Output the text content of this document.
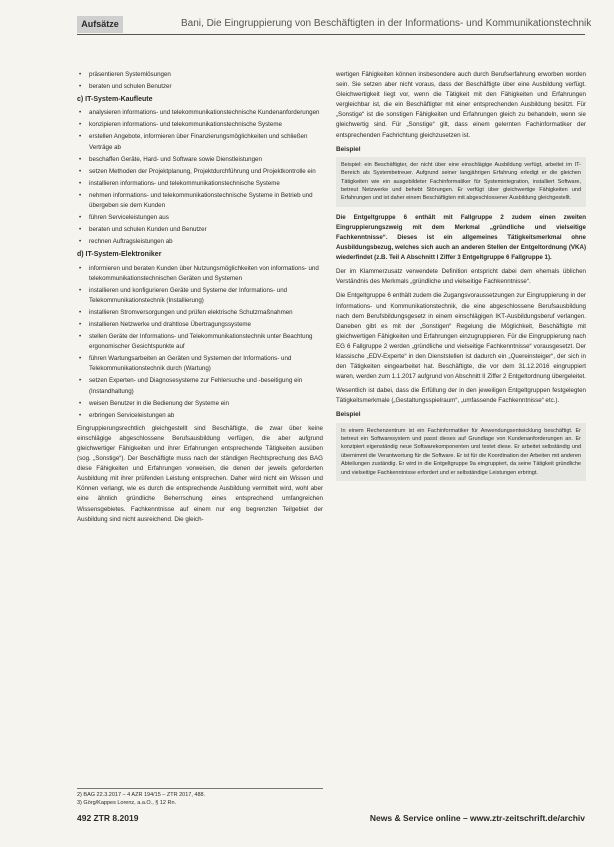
Aufsätze	Bani, Die Eingruppierung von Beschäftigten in der Informations- und Kommunikationstechnik
• präsentieren Systemlösungen
• beraten und schulen Benutzer
c) IT-System-Kaufleute
• analysieren informations- und telekommunikationstechnische Kundenanforderungen
• konzipieren informations- und telekommunikationstechnische Systeme
• erstellen Angebote, informieren über Finanzierungsmöglichkeiten und schließen Verträge ab
• beschaffen Geräte, Hard- und Software sowie Dienstleistungen
• setzen Methoden der Projektplanung, Projektdurchführung und Projektkontrolle ein
• installieren informations- und telekommunikationstechnische Systeme
• nehmen informations- und telekommunikationstechnische Systeme in Betrieb und übergeben sie dem Kunden
• führen Serviceleistungen aus
• beraten und schulen Kunden und Benutzer
• rechnen Auftragsleistungen ab
d) IT-System-Elektroniker
• informieren und beraten Kunden über Nutzungsmöglichkeiten von informations- und telekommunikationstechnischen Geräten und Systemen
• installieren und konfigurieren Geräte und Systeme der Informations- und Telekommunikationstechnik (Installierung)
• installieren Stromversorgungen und prüfen elektrische Schutzmaßnahmen
• installieren Netzwerke und drahtlose Übertragungssysteme
• stellen Geräte der Informations- und Telekommunikationstechnik unter Beachtung ergonomischer Gesichtspunkte auf
• führen Wartungsarbeiten an Geräten und Systemen der Informations- und Telekommunikationstechnik durch (Wartung)
• setzen Experten- und Diagnosesysteme zur Fehlersuche und -beseitigung ein (Instandhaltung)
• weisen Benutzer in die Bedienung der Systeme ein
• erbringen Serviceleistungen ab

Eingruppierungsrechtlich gleichgestellt sind Beschäftigte, die zwar über keine einschlägige abgeschlossene Berufsausbildung verfügen, die aber aufgrund gleichwertiger Fähigkeiten und ihrer Erfahrungen entsprechende Tätigkeiten ausüben (sog. „Sonstige“). Der Beschäftigte muss nach der ständigen Rechtsprechung des BAG diese Fähigkeiten und Erfahrungen vorweisen, die denen der jeweils geforderten Ausbildung mit ihrer prüfenden Leistung entsprechen. Daher wird nicht ein Wissen und Können verlangt, wie es durch die entsprechende Ausbildung vermittelt wird, wohl aber eine ähnlich gründliche Beherrschung eines entsprechend umfangreichen Wissensgebietes. Fachkenntnisse auf einem nur eng begrenzten Teilgebiet der Ausbildung sind nicht ausreichend. Die gleich-

2) BAG 22.3.2017 – 4 AZR 194/15 – ZTR 2017, 488.
3) Görg/Kappes Lorenz, a.a.O., § 12 Rn.

wertigen Fähigkeiten können insbesondere auch durch Berufserfahrung erworben worden sein. Sie setzen aber nicht voraus, dass der Beschäftigte über eine Ausbildung verfügt. Gleichwertigkeit liegt vor, wenn die Tätigkeit mit den Fähigkeiten und Erfahrungen vergleichbar ist, die ein Beschäftigter mit einer entsprechenden Ausbildung besitzt. Für „Sonstige“ ist die sonstigen Fähigkeiten und Erfahrungen gleich zu behandeln, wenn sie gleichwertig sind. Für „Sonstige“ gilt, dass einem gelernten Fachinformatiker der entsprechenden Fachrichtung gleichzusetzen ist.

Beispiel
Beispiel: ein Beschäftigter, der nicht über eine einschlägige Ausbildung verfügt, arbeitet im IT-Bereich als Systembetreuer. Aufgrund seiner langjährigen Erfahrung erledigt er die gleichen Tätigkeiten wie ein ausgebildeter Fachinformatiker für Systemintegration, installiert Software, betreut Netzwerke und behebt Störungen. Er verfügt über gleichwertige Fähigkeiten und Erfahrungen und ist daher einem Beschäftigten mit abgeschlossener Ausbildung gleichgestellt.

Die Entgeltgruppe 6 enthält mit Fallgruppe 2 zudem einen zweiten Eingruppierungszweig mit dem Merkmal „gründliche und vielseitige Fachkenntnisse“. Dieses ist ein allgemeines Tätigkeitsmerkmal ohne Ausbildungsbezug, welches sich auch an anderen Stellen der Entgeltordnung (VKA) wiederfindet (z.B. Teil A Abschnitt I Ziffer 3 Entgeltgruppe 6 Fallgruppe 1).

Der im Klammerzusatz verwendete Definition entspricht dabei dem ehemals üblichen Verständnis des Merkmals „gründliche und vielseitige Fachkenntnisse“.

Die Entgeltgruppe 6 enthält zudem die Zugangsvoraussetzungen zur Eingruppierung in der Informations- und Kommunikationstechnik, die eine abgeschlossene Berufsausbildung nach dem Berufsbildungsgesetz in einem einschlägigen IKT-Ausbildungsberuf verlangen. Daneben gibt es mit der „Sonstigen“ Regelung die Möglichkeit, Beschäftigte mit gleichwertigen Fähigkeiten und Erfahrungen einzugruppieren. Für die Eingruppierung nach EG 6 Fallgruppe 2 werden „gründliche und vielseitige Fachkenntnisse“ vorausgesetzt. Der klassische „EDV-Experte“ in den Dienststellen ist dadurch ein „Quereinsteiger“, der sich in den Tätigkeiten eingearbeitet hat. Beschäftigte, die vor dem 31.12.2016 eingruppiert waren, werden zum 1.1.2017 aufgrund von Abschnitt II Ziffer 2 Entgeltordnung übergeleitet.

Wesentlich ist dabei, dass die Erfüllung der in den jeweiligen Entgeltgruppen festgelegten Tätigkeitsmerkmale („Gestaltungsspielraum“, „umfassende Fachkenntnisse“ etc.).

Beispiel
In einem Rechenzentrum ist ein Fachinformatiker für Anwendungsentwicklung beschäftigt. Er betreut ein Softwaresystem und passt dieses auf Grundlage von Kundenanforderungen an. Er konzipiert eigenständig neue Softwarekomponenten und testet diese. Er arbeitet selbständig und übernimmt die Verantwortung für die Software. Er ist für die Koordination der Arbeiten mit anderen Abteilungen zuständig. Er wird in die Entgeltgruppe 9a eingruppiert, da seine Tätigkeit gründliche und vielseitige Fachkenntnisse erfordert und er selbständige Leistungen erbringt.
492 ZTR 8.2019	News & Service online – www.ztr-zeitschrift.de/archiv
